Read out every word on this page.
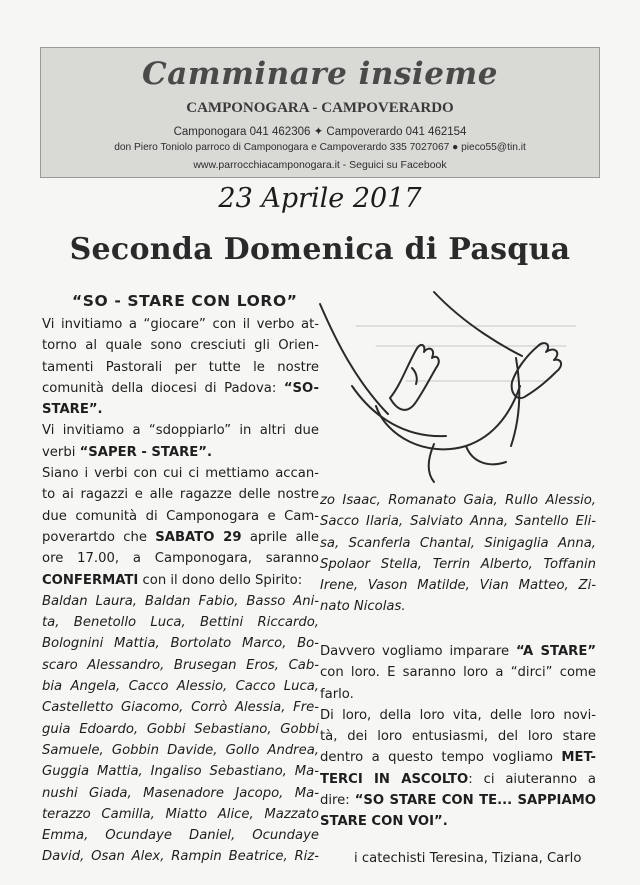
Camminare insieme
CAMPONOGARA - CAMPOVERARDO
Camponogara 041 462306 ✦ Campoverardo 041 462154
don Piero Toniolo parroco di Camponogara e Campoverardo 335 7027067 ● pieco55@tin.it
www.parrocchiacamponogara.it - Seguici su Facebook
23 Aprile 2017
Seconda Domenica di Pasqua
“SO - STARE CON LORO”

Vi invitiamo a “giocare” con il verbo at-
torno al quale sono cresciuti gli Orien-
tamenti Pastorali per tutte le nostre
comunità della diocesi di Padova: “SO-
STARE”.

Vi invitiamo a “sdoppiarlo” in altri due
verbi “SAPER - STARE”.

Siano i verbi con cui ci mettiamo accan-
to ai ragazzi e alle ragazze delle nostre
due comunità di Camponogara e Cam-
poverartdo che SABATO 29 aprile alle
ore 17.00, a Camponogara, saranno
CONFERMATI con il dono dello Spirito:

Baldan Laura, Baldan Fabio, Basso Ani-
ta, Benetollo Luca, Bettini Riccardo,
Bolognini Mattia, Bortolato Marco, Bo-
scaro Alessandro, Brusegan Eros, Cab-
bia Angela, Cacco Alessio, Cacco Luca,
Castelletto Giacomo, Corrò Alessia, Fre-
guia Edoardo, Gobbi Sebastiano, Gobbi
Samuele, Gobbin Davide, Gollo Andrea,
Guggia Mattia, Ingaliso Sebastiano, Ma-
nushi Giada, Masenadore Jacopo, Ma-
terazzo Camilla, Miatto Alice, Mazzato
Emma, Ocundaye Daniel, Ocundaye
David, Osan Alex, Rampin Beatrice, Riz-

zo Isaac, Romanato Gaia, Rullo Alessio,
Sacco Ilaria, Salviato Anna, Santello Eli-
sa, Scanferla Chantal, Sinigaglia Anna,
Spolaor Stella, Terrin Alberto, Toffanin
Irene, Vason Matilde, Vian Matteo, Zi-
nato Nicolas.

Davvero vogliamo imparare “A STARE”
con loro. E saranno loro a “dirci” come
farlo.

Di loro, della loro vita, delle loro novi-
tà, dei loro entusiasmi, del loro stare
dentro a questo tempo vogliamo MET-
TERCI IN ASCOLTO: ci aiuteranno a
dire: “SO STARE CON TE... SAPPIAMO
STARE CON VOI”.

i catechisti Teresina, Tiziana, Carlo
